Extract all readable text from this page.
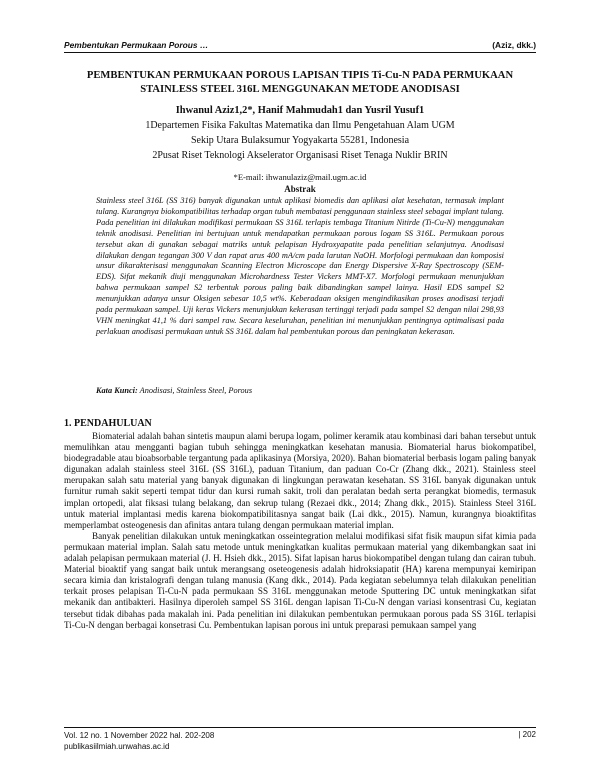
Pembentukan Permukaan Porous …	(Aziz, dkk.)
PEMBENTUKAN PERMUKAAN POROUS LAPISAN TIPIS Ti-Cu-N PADA PERMUKAAN
STAINLESS STEEL 316L MENGGUNAKAN METODE ANODISASI
Ihwanul Aziz1,2*, Hanif Mahmudah1 dan Yusril Yusuf1
1Departemen Fisika Fakultas Matematika dan Ilmu Pengetahuan Alam UGM
Sekip Utara Bulaksumur Yogyakarta 55281, Indonesia
2Pusat Riset Teknologi Akselerator Organisasi Riset Tenaga Nuklir BRIN
*E-mail: ihwanulaziz@mail.ugm.ac.id
Abstrak
Stainless steel 316L (SS 316) banyak digunakan untuk aplikasi biomedis dan aplikasi alat kesehatan, termasuk implant tulang. Kurangnya biokompatibilitas terhadap organ tubuh membatasi penggunaan stainless steel sebagai implant tulang. Pada penelitian ini dilakukan modifikasi permukaan SS 316L terlapis tembaga Titanium Nitirde (Ti-Cu-N) menggunakan teknik anodisasi. Penelitian ini bertujuan untuk mendapatkan permukaan porous logam SS 316L. Permukaan porous tersebut akan di gunakan sebagai matriks untuk pelapisan Hydroxyapatite pada penelitian selanjutnya. Anodisasi dilakukan dengan tegangan 300 V dan rapat arus 400 mA/cm pada larutan NaOH. Morfologi permukaan dan komposisi unsur dikarakterisasi menggunakan Scanning Electron Microscope dan Energy Dispersive X-Ray Spectroscopy (SEM-EDS). Sifat mekanik diuji menggunakan Microhardness Tester Vickers MMT-X7. Morfologi permukaan menunjukkan bahwa permukaan sampel S2 terbentuk porous paling baik dibandingkan sampel lainya. Hasil EDS sampel S2 menunjukkan adanya unsur Oksigen sebesar 10,5 wt%. Keberadaan oksigen mengindikasikan proses anodisasi terjadi pada permukaan sampel. Uji keras Vickers menunjukkan kekerasan tertinggi terjadi pada sampel S2 dengan nilai 298,93 VHN meningkat 41,1 % dari sampel raw. Secara keseluruhan, penelitian ini menunjukkan pentingnya optimalisasi pada perlakuan anodisasi permukaan untuk SS 316L dalam hal pembentukan porous dan peningkatan kekerasan.
Kata Kunci: Anodisasi, Stainless Steel, Porous
1. PENDAHULUAN

Biomaterial adalah bahan sintetis maupun alami berupa logam, polimer keramik atau kombinasi dari bahan tersebut untuk memulihkan atau mengganti bagian tubuh sehingga meningkatkan kesehatan manusia. Biomaterial harus biokompatibel, biodegradable atau bioabsorbable tergantung pada aplikasinya (Morsiya, 2020). Bahan biomaterial berbasis logam paling banyak digunakan adalah stainless steel 316L (SS 316L), paduan Titanium, dan paduan Co-Cr (Zhang dkk., 2021). Stainless steel merupakan salah satu material yang banyak digunakan di lingkungan perawatan kesehatan. SS 316L banyak digunakan untuk furnitur rumah sakit seperti tempat tidur dan kursi rumah sakit, troli dan peralatan bedah serta perangkat biomedis, termasuk implan ortopedi, alat fiksasi tulang belakang, dan sekrup tulang (Rezaei dkk., 2014; Zhang dkk., 2015). Stainless Steel 316L untuk material implantasi medis karena biokompatibilitasnya sangat baik (Lai dkk., 2015). Namun, kurangnya bioaktifitas memperlambat osteogenesis dan afinitas antara tulang dengan permukaan material implan.

Banyak penelitian dilakukan untuk meningkatkan osseintegration melalui modifikasi sifat fisik maupun sifat kimia pada permukaan material implan. Salah satu metode untuk meningkatkan kualitas permukaan material yang dikembangkan saat ini adalah pelapisan permukaan material (J. H. Hsieh dkk., 2015). Sifat lapisan harus biokompatibel dengan tulang dan cairan tubuh. Material bioaktif yang sangat baik untuk merangsang oseteogenesis adalah hidroksiapatit (HA) karena mempunyai kemiripan secara kimia dan kristalografi dengan tulang manusia (Kang dkk., 2014). Pada kegiatan sebelumnya telah dilakukan penelitian terkait proses pelapisan Ti-Cu-N pada permukaan SS 316L menggunakan metode Sputtering DC untuk meningkatkan sifat mekanik dan antibakteri. Hasilnya diperoleh sampel SS 316L dengan lapisan Ti-Cu-N dengan variasi konsentrasi Cu, kegiatan tersebut tidak dibahas pada makalah ini. Pada penelitian ini dilakukan pembentukan permukaan porous pada SS 316L terlapisi Ti-Cu-N dengan berbagai konsetrasi Cu. Pembentukan lapisan porous ini untuk preparasi pemukaan sampel yang

Vol. 12 no. 1 November 2022 hal. 202-208
publikasiilmiah.unwahas.ac.id
| 202
